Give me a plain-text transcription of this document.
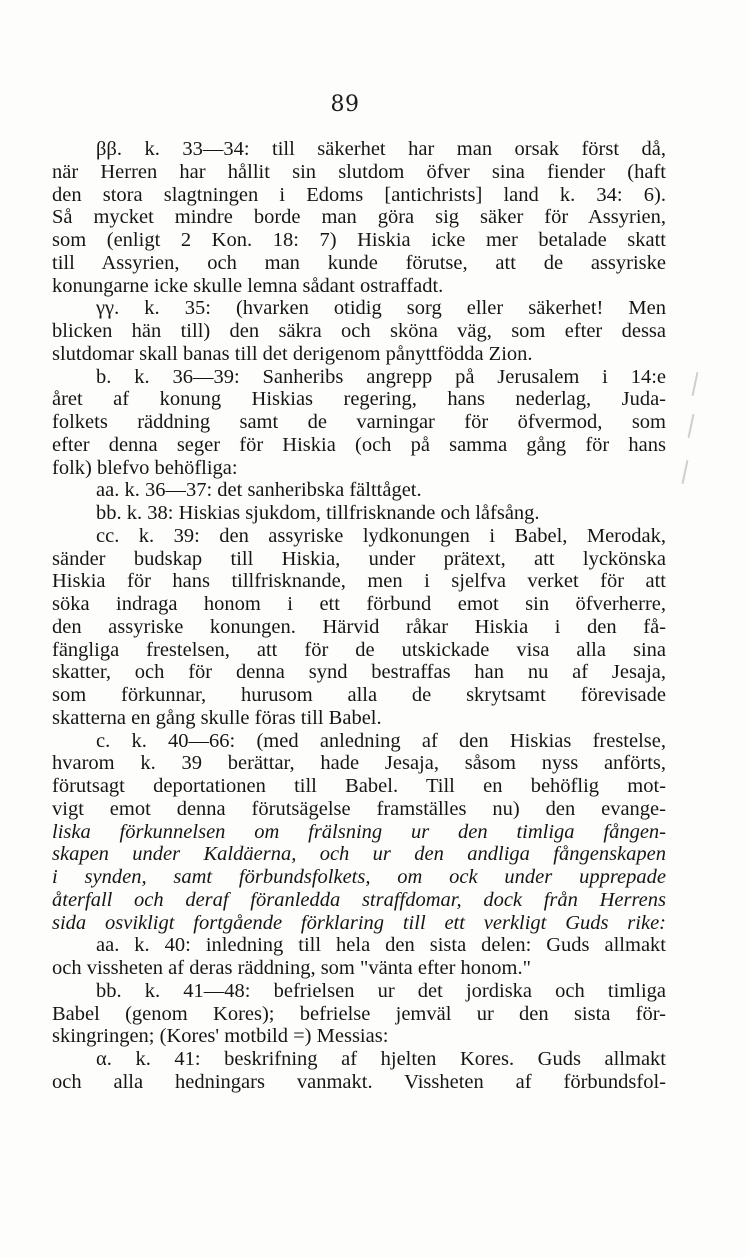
89
ββ. k. 33—34: till säkerhet har man orsak först då,
när Herren har hållit sin slutdom öfver sina fiender (haft
den stora slagtningen i Edoms [antichrists] land k. 34: 6).
Så mycket mindre borde man göra sig säker för Assyrien,
som (enligt 2 Kon. 18: 7) Hiskia icke mer betalade skatt
till Assyrien, och man kunde förutse, att de assyriske
konungarne icke skulle lemna sådant ostraffadt.
γγ. k. 35: (hvarken otidig sorg eller säkerhet! Men
blicken hän till) den säkra och sköna väg, som efter dessa
slutdomar skall banas till det derigenom pånyttfödda Zion.
b. k. 36—39: Sanheribs angrepp på Jerusalem i 14:e
året af konung Hiskias regering, hans nederlag, Juda-
folkets räddning samt de varningar för öfvermod, som
efter denna seger för Hiskia (och på samma gång för hans
folk) blefvo behöfliga:
aa. k. 36—37: det sanheribska fälttåget.
bb. k. 38: Hiskias sjukdom, tillfrisknande och låfsång.
cc. k. 39: den assyriske lydkonungen i Babel, Merodak,
sänder budskap till Hiskia, under prätext, att lyckönska
Hiskia för hans tillfrisknande, men i sjelfva verket för att
söka indraga honom i ett förbund emot sin öfverherre,
den assyriske konungen. Härvid råkar Hiskia i den få-
fängliga frestelsen, att för de utskickade visa alla sina
skatter, och för denna synd bestraffas han nu af Jesaja,
som förkunnar, hurusom alla de skrytsamt förevisade
skatterna en gång skulle föras till Babel.
c. k. 40—66: (med anledning af den Hiskias frestelse,
hvarom k. 39 berättar, hade Jesaja, såsom nyss anförts,
förutsagt deportationen till Babel. Till en behöflig mot-
vigt emot denna förutsägelse framställes nu) den evange-
liska förkunnelsen om frälsning ur den timliga fången-
skapen under Kaldäerna, och ur den andliga fångenskapen
i synden, samt förbundsfolkets, om ock under upprepade
återfall och deraf föranledda straffdomar, dock från Herrens
sida osvikligt fortgående förklaring till ett verkligt Guds rike:
aa. k. 40: inledning till hela den sista delen: Guds allmakt
och vissheten af deras räddning, som "vänta efter honom."
bb. k. 41—48: befrielsen ur det jordiska och timliga
Babel (genom Kores); befrielse jemväl ur den sista för-
skingringen; (Kores' motbild =) Messias:
α. k. 41: beskrifning af hjelten Kores. Guds allmakt
och alla hedningars vanmakt. Vissheten af förbundsfol-
